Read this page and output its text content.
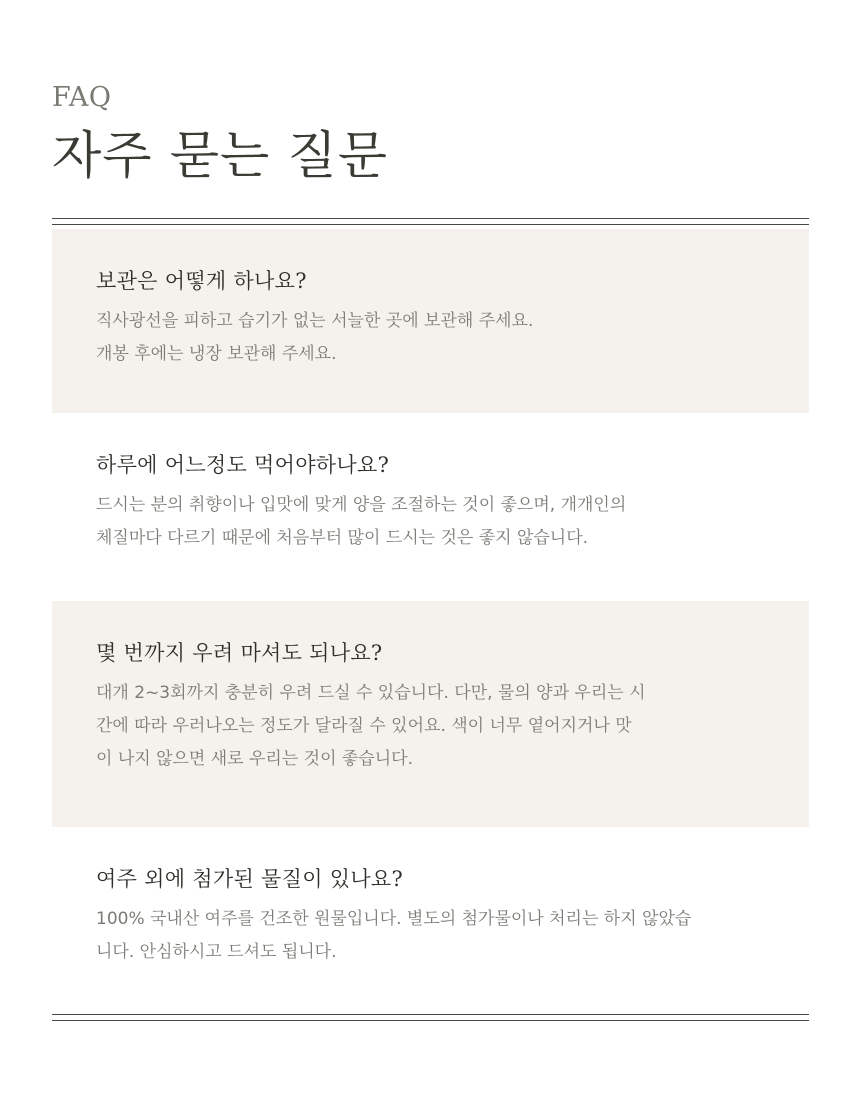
FAQ

자주 묻는 질문
보관은 어떻게 하나요?

직사광선을 피하고 습기가 없는 서늘한 곳에 보관해 주세요.
개봉 후에는 냉장 보관해 주세요.

하루에 어느정도 먹어야하나요?

드시는 분의 취향이나 입맛에 맞게 양을 조절하는 것이 좋으며, 개개인의
체질마다 다르기 때문에 처음부터 많이 드시는 것은 좋지 않습니다.

몇 번까지 우려 마셔도 되나요?

대개 2~3회까지 충분히 우려 드실 수 있습니다. 다만, 물의 양과 우리는 시
간에 따라 우러나오는 정도가 달라질 수 있어요. 색이 너무 옅어지거나 맛
이 나지 않으면 새로 우리는 것이 좋습니다.

여주 외에 첨가된 물질이 있나요?

100% 국내산 여주를 건조한 원물입니다. 별도의 첨가물이나 처리는 하지 않았습
니다. 안심하시고 드셔도 됩니다.
